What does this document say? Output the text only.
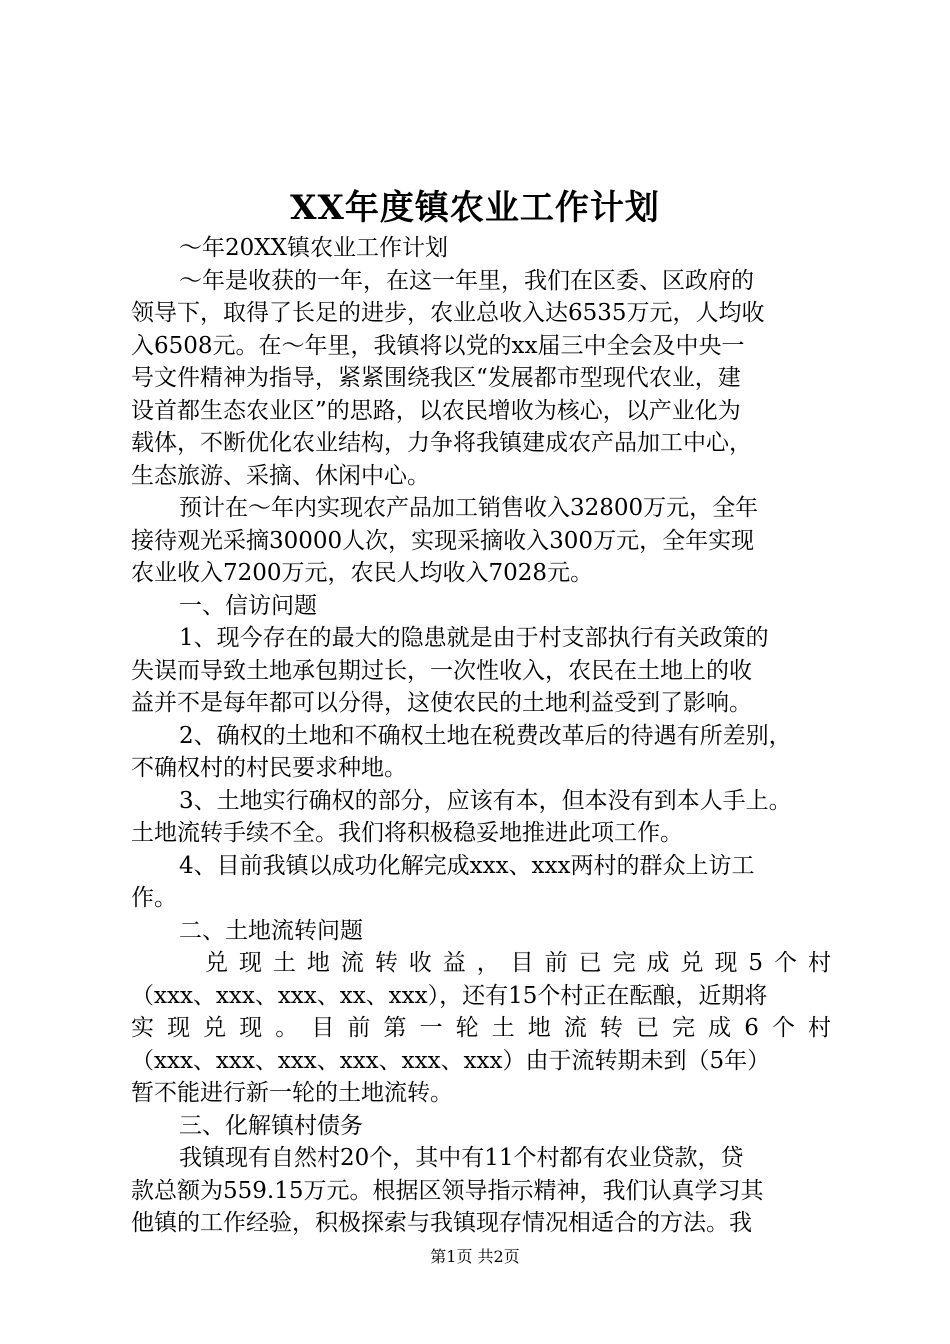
XX年度镇农业工作计划
～年20XX镇农业工作计划
～年是收获的一年，在这一年里，我们在区委、区政府的
领导下，取得了长足的进步，农业总收入达6535万元，人均收
入6508元。在～年里，我镇将以党的xx届三中全会及中央一
号文件精神为指导，紧紧围绕我区“发展都市型现代农业，建
设首都生态农业区”的思路，以农民增收为核心，以产业化为
载体，不断优化农业结构，力争将我镇建成农产品加工中心，
生态旅游、采摘、休闲中心。
预计在～年内实现农产品加工销售收入32800万元，全年
接待观光采摘30000人次，实现采摘收入300万元，全年实现
农业收入7200万元，农民人均收入7028元。
一、信访问题
1、现今存在的最大的隐患就是由于村支部执行有关政策的
失误而导致土地承包期过长，一次性收入，农民在土地上的收
益并不是每年都可以分得，这使农民的土地利益受到了影响。
2、确权的土地和不确权土地在税费改革后的待遇有所差别，
不确权村的村民要求种地。
3、土地实行确权的部分，应该有本，但本没有到本人手上。
土地流转手续不全。我们将积极稳妥地推进此项工作。
4、目前我镇以成功化解完成xxx、xxx两村的群众上访工
作。
二、土地流转问题
兑现土地流转收益，目前已完成兑现5个村
（xxx、xxx、xxx、xx、xxx），还有15个村正在酝酿，近期将
实现兑现。目前第一轮土地流转已完成6个村
（xxx、xxx、xxx、xxx、xxx、xxx）由于流转期未到（5年）
暂不能进行新一轮的土地流转。
三、化解镇村债务
我镇现有自然村20个，其中有11个村都有农业贷款，贷
款总额为559.15万元。根据区领导指示精神，我们认真学习其
他镇的工作经验，积极探索与我镇现存情况相适合的方法。我
第1页 共2页
